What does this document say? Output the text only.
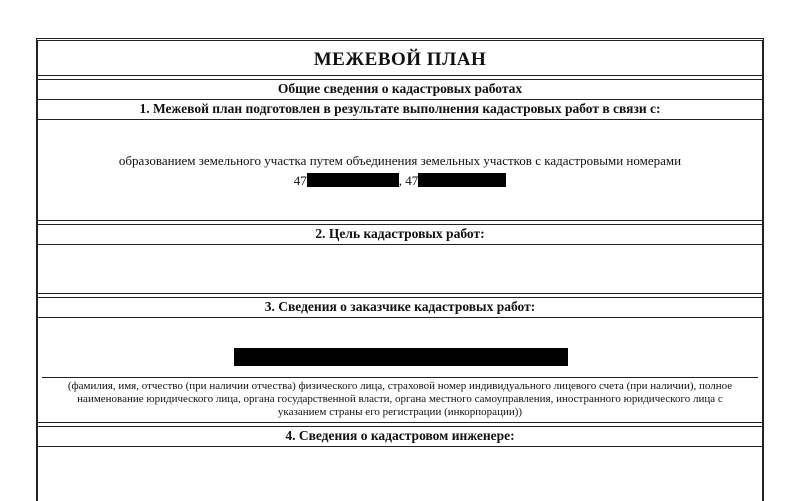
МЕЖЕВОЙ ПЛАН
Общие сведения о кадастровых работах
1. Межевой план подготовлен в результате выполнения кадастровых работ в связи с:
образованием земельного участка путем объединения земельных участков с кадастровыми номерами
47	, 47
2. Цель кадастровых работ:
3. Сведения о заказчике кадастровых работ:
(фамилия, имя, отчество (при наличии отчества) физического лица, страховой номер индивидуального лицевого счета (при наличии), полное наименование юридического лица, органа государственной власти, органа местного самоуправления, иностранного юридического лица с указанием страны его регистрации (инкорпорации))
4. Сведения о кадастровом инженере:
